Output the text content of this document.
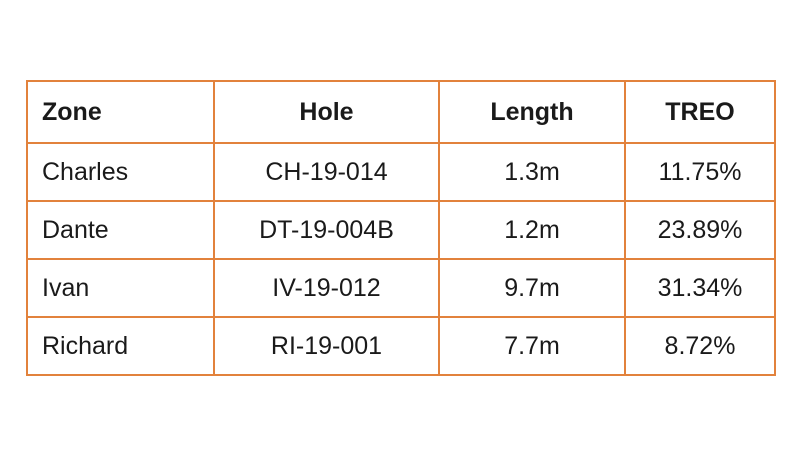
Zone	Hole	Length	TREO
Charles	CH-19-014	1.3m	11.75%
Dante	DT-19-004B	1.2m	23.89%
Ivan	IV-19-012	9.7m	31.34%
Richard	RI-19-001	7.7m	8.72%
